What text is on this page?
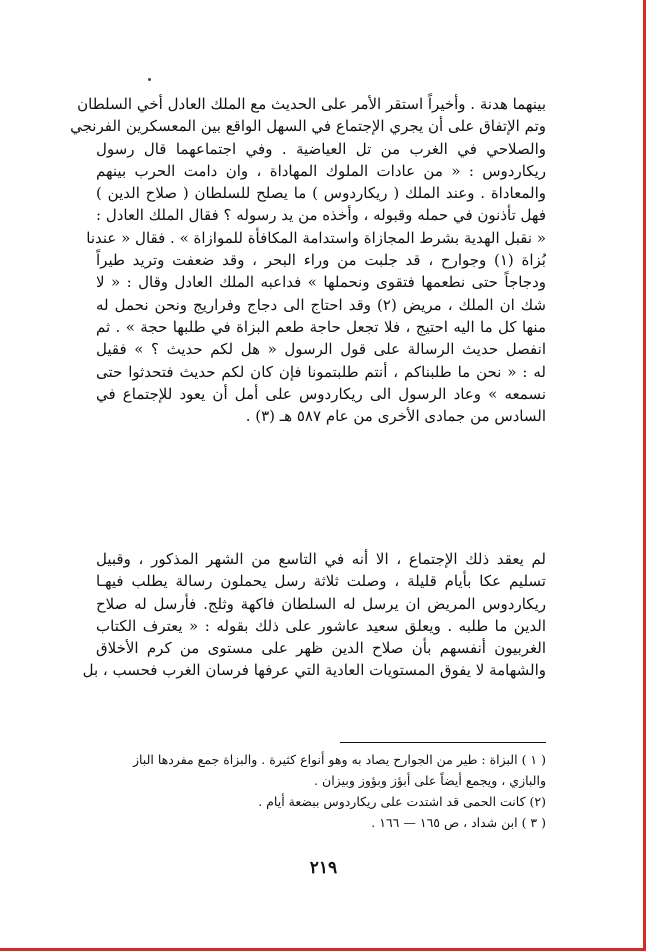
بينهما هدنة . وأخيراً استقر الأمر على الحديث مع الملك العادل أخي السلطان
وتم الإتفاق على أن يجري الإجتماع في السهل الواقع بين المعسكرين الفرنجي
والصلاحي في الغرب من تل العياضية . وفي اجتماعهما قال رسول
ريكاردوس : « من عادات الملوك المهاداة ، وان دامت الحرب بينهم
والمعاداة . وعند الملك ( ريكاردوس ) ما يصلح للسلطان ( صلاح الدين )
فهل تأذنون في حمله وقبوله ، وأخذه من يد رسوله ؟ فقال الملك العادل :
« نقبل الهدية بشرط المجازاة واستدامة المكافأة للموازاة » . فقال « عندنا
بُزاة (١) وجوارح ، قد جلبت من وراء البحر ، وقد ضعفت وتريد طيراً
ودجاجاً حتى نطعمها فتقوى ونحملها » فداعبه الملك العادل وقال : « لا
شك ان الملك ، مريض (٢) وقد احتاج الى دجاج وفراريج ونحن نحمل له
منها كل ما اليه احتيج ، فلا تجعل حاجة طعم البزاة في طلبها حجة » . ثم
انفصل حديث الرسالة على قول الرسول « هل لكم حديث ؟ » فقيل
له : « نحن ما طلبناكم ، أنتم طلبتمونا فإن كان لكم حديث فتحدثوا حتى
نسمعه » وعاد الرسول الى ريكاردوس على أمل أن يعود للإجتماع في
السادس من جمادى الأخرى من عام ٥٨٧ هـ (٣) .
لم يعقد ذلك الإجتماع ، الا أنه في التاسع من الشهر المذكور ، وقبيل
تسليم عكا بأيام قليلة ، وصلت ثلاثة رسل يحملون رسالة يطلب فيهـا
ريكاردوس المريض ان يرسل له السلطان فاكهة وثلج. فأرسل له صلاح
الدين ما طلبه . ويعلق سعيد عاشور على ذلك بقوله : « يعترف الكتاب
الغربيون أنفسهم بأن صلاح الدين ظهر على مستوى من كرم الأخلاق
والشهامة لا يفوق المستويات العادية التي عرفها فرسان الغرب فحسب ، بل
( ١ ) البزاة : طير من الجوارح يصاد به وهو أنواع كثيرة . والبزاة جمع مفردها الباز
والبازي ، ويجمع أيضاً على أبؤز وبؤوز وبيزان .
(٢) كانت الحمى قد اشتدت على ريكاردوس ببضعة أيام .
( ٣ ) ابن شداد ، ص ١٦٥ — ١٦٦ .
٢١٩
